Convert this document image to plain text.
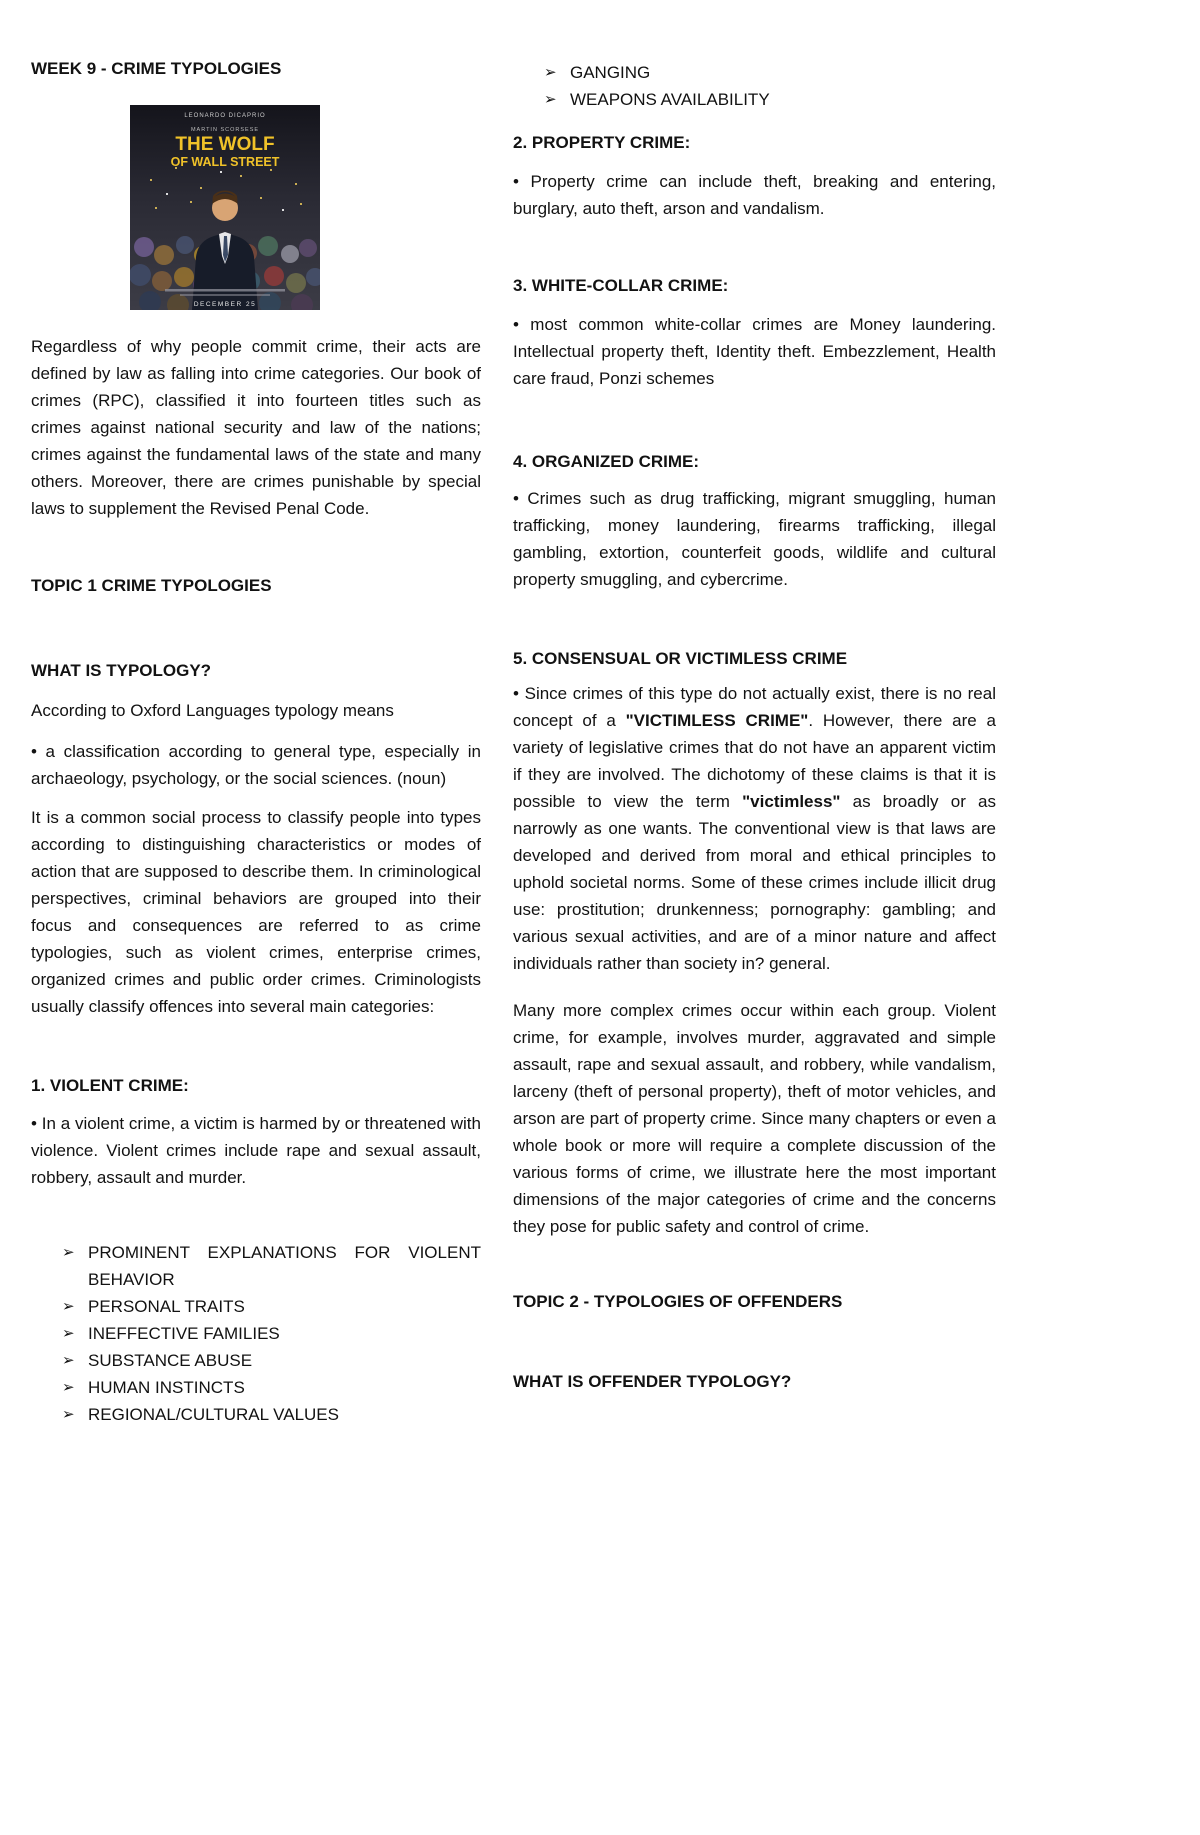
WEEK 9 - CRIME TYPOLOGIES
LEONARDO DICAPRIO
MARTIN SCORSESE
THE WOLF
OF WALL STREET
DECEMBER 25

Regardless of why people commit crime, their acts are defined by law as falling into crime categories. Our book of crimes (RPC), classified it into fourteen titles such as crimes against national security and law of the nations; crimes against the fundamental laws of the state and many others. Moreover, there are crimes punishable by special laws to supplement the Revised Penal Code.

TOPIC 1 CRIME TYPOLOGIES
WHAT IS TYPOLOGY?

According to Oxford Languages typology means

• a classification according to general type, especially in archaeology, psychology, or the social sciences. (noun)

It is a common social process to classify people into types according to distinguishing characteristics or modes of action that are supposed to describe them. In criminological perspectives, criminal behaviors are grouped into their focus and consequences are referred to as crime typologies, such as violent crimes, enterprise crimes, organized crimes and public order crimes. Criminologists usually classify offences into several main categories:

1. VIOLENT CRIME:

• In a violent crime, a victim is harmed by or threatened with violence. Violent crimes include rape and sexual assault, robbery, assault and murder.

➢ PROMINENT EXPLANATIONS FOR VIOLENT BEHAVIOR
➢ PERSONAL TRAITS
➢ INEFFECTIVE FAMILIES
➢ SUBSTANCE ABUSE
➢ HUMAN INSTINCTS
➢ REGIONAL/CULTURAL VALUES
➢ GANGING
➢ WEAPONS AVAILABILITY
2. PROPERTY CRIME:

• Property crime can include theft, breaking and entering, burglary, auto theft, arson and vandalism.

3. WHITE-COLLAR CRIME:

• most common white-collar crimes are Money laundering. Intellectual property theft, Identity theft. Embezzlement, Health care fraud, Ponzi schemes

4. ORGANIZED CRIME:

• Crimes such as drug trafficking, migrant smuggling, human trafficking, money laundering, firearms trafficking, illegal gambling, extortion, counterfeit goods, wildlife and cultural property smuggling, and cybercrime.

5. CONSENSUAL OR VICTIMLESS CRIME

• Since crimes of this type do not actually exist, there is no real concept of a "VICTIMLESS CRIME". However, there are a variety of legislative crimes that do not have an apparent victim if they are involved. The dichotomy of these claims is that it is possible to view the term "victimless" as broadly or as narrowly as one wants. The conventional view is that laws are developed and derived from moral and ethical principles to uphold societal norms. Some of these crimes include illicit drug use: prostitution; drunkenness; pornography: gambling; and various sexual activities, and are of a minor nature and affect individuals rather than society in? general.

Many more complex crimes occur within each group. Violent crime, for example, involves murder, aggravated and simple assault, rape and sexual assault, and robbery, while vandalism, larceny (theft of personal property), theft of motor vehicles, and arson are part of property crime. Since many chapters or even a whole book or more will require a complete discussion of the various forms of crime, we illustrate here the most important dimensions of the major categories of crime and the concerns they pose for public safety and control of crime.

TOPIC 2 - TYPOLOGIES OF OFFENDERS
WHAT IS OFFENDER TYPOLOGY?
